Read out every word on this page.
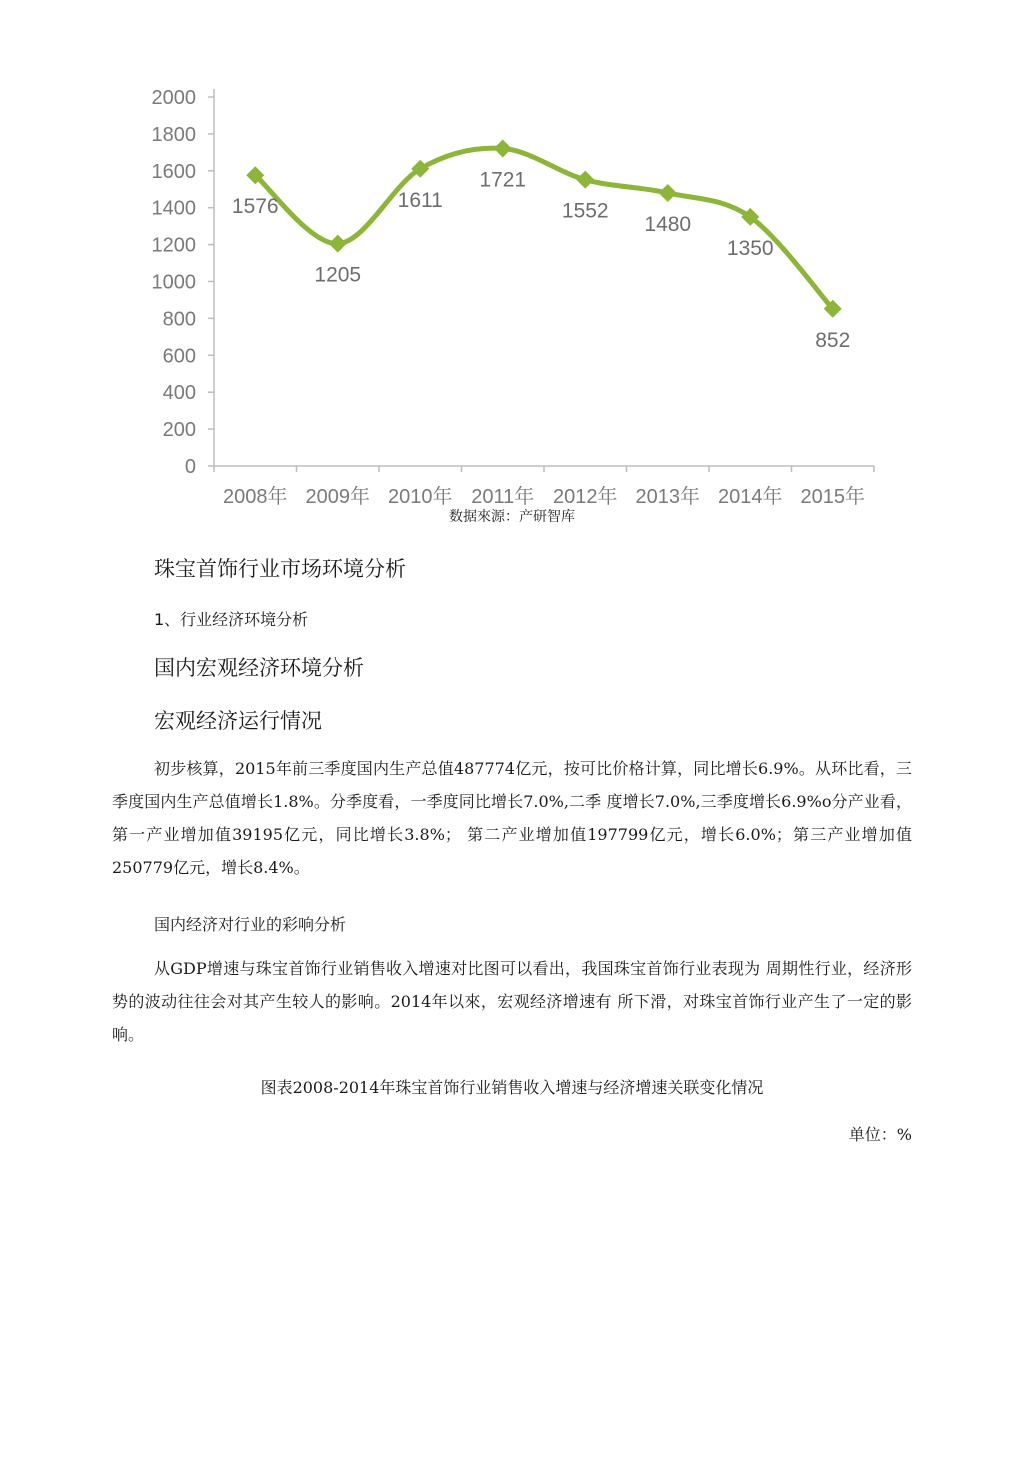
0
200
400
600
800
1000
1200
1400
1600
1800
2000
2008年 2009年 2010年 2011年 2012年 2013年 2014年 2015年
1576
1205
1611
1721
1552
1480
1350
852
数据來源：产研智库
珠宝首饰行业市场环境分析
1、行业经济环境分析
国内宏观经济环境分析
宏观经济运行情况

初步核算，2015年前三季度国内生产总值487774亿元，按可比价格计算，同比增长6.9%。从环比看，三季度国内生产总值增长1.8%。分季度看，一季度同比增长7.0%,二季 度增长7.0%,三季度增长6.9%o分产业看，第一产业增加值39195亿元，同比增长3.8%； 第二产业增加值197799亿元，增长6.0%；第三产业增加值250779亿元，增长8.4%。

国内经济对行业的彩响分析

从GDP增速与珠宝首饰行业销售收入增速对比图可以看出，我国珠宝首饰行业表现为 周期性行业，经济形势的波动往往会对其产生较人的影响。2014年以來，宏观经济增速有 所下滑，对珠宝首饰行业产生了一定的影响。

图表2008-2014年珠宝首饰行业销售收入增速与经济增速关联变化情况
单位：%
